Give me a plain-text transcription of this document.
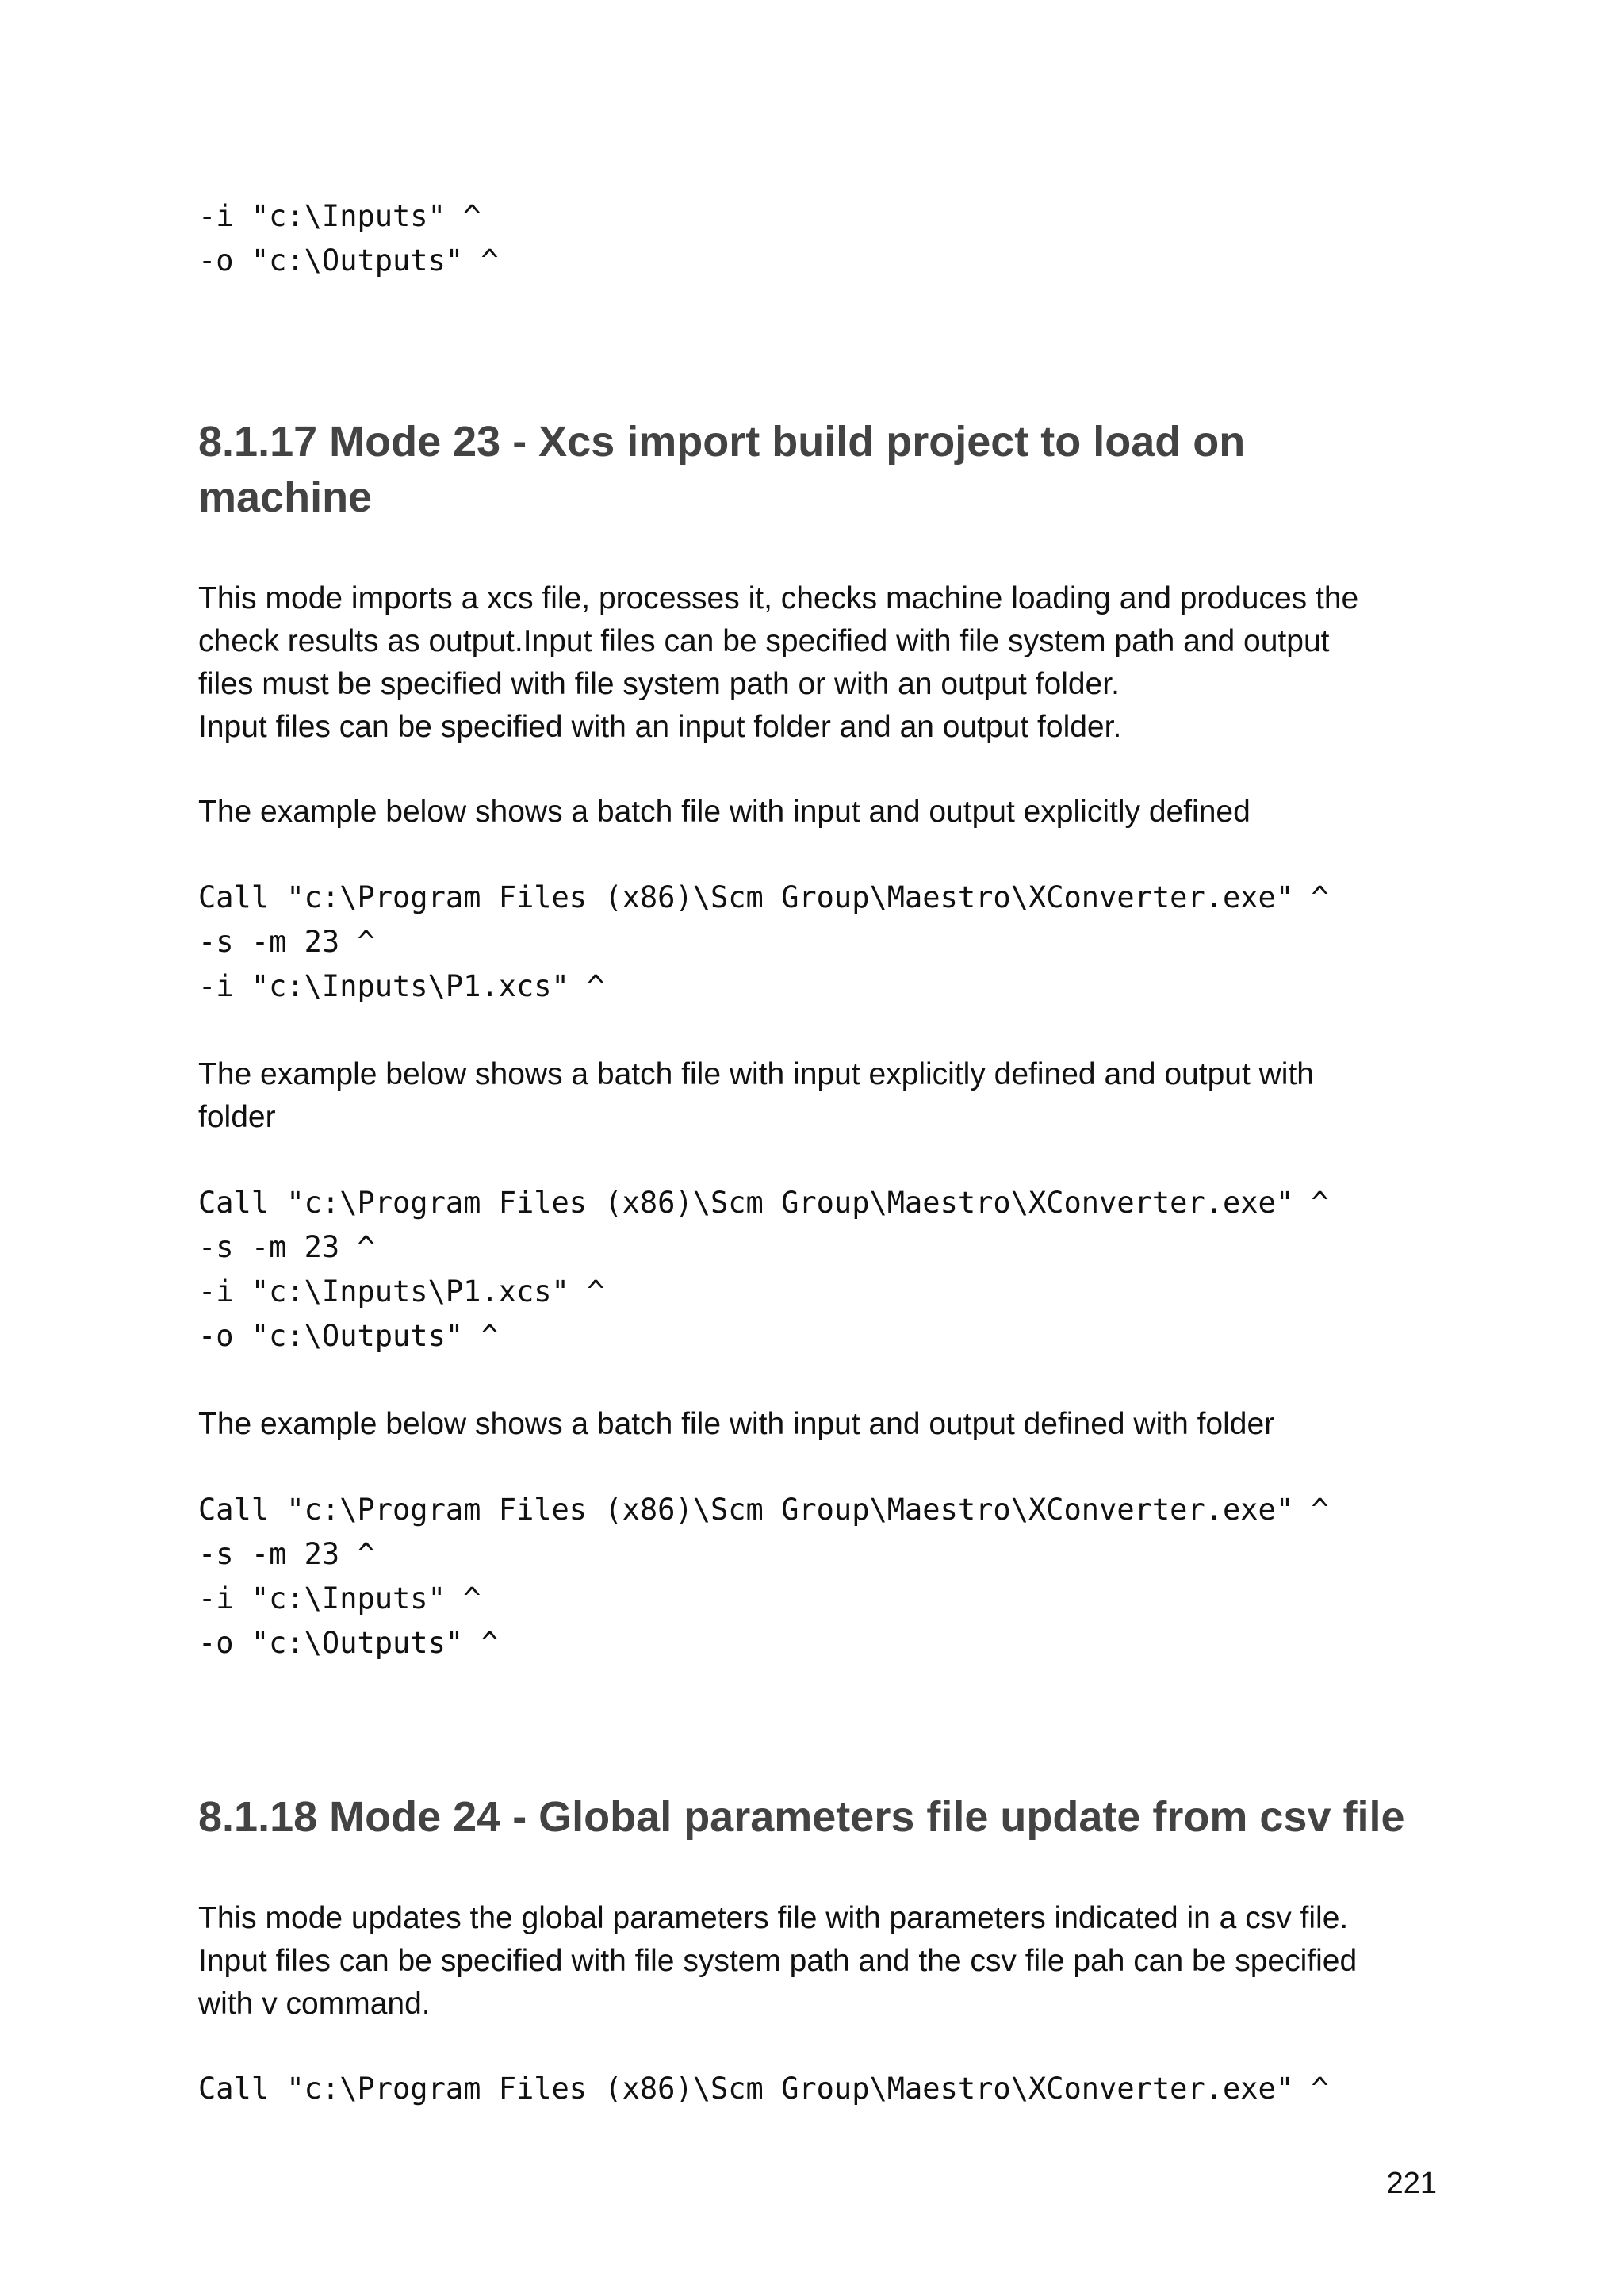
-i "c:\Inputs" ^
-o "c:\Outputs" ^
8.1.17 Mode 23 - Xcs import build project to load on
machine

This mode imports a xcs file, processes it, checks machine loading and produces the
check results as output.Input files can be specified with file system path and output
files must be specified with file system path or with an output folder.
Input files can be specified with an input folder and an output folder.

The example below shows a batch file with input and output explicitly defined

Call "c:\Program Files (x86)\Scm Group\Maestro\XConverter.exe" ^
-s -m 23 ^
-i "c:\Inputs\P1.xcs" ^

The example below shows a batch file with input explicitly defined and output with
folder

Call "c:\Program Files (x86)\Scm Group\Maestro\XConverter.exe" ^
-s -m 23 ^
-i "c:\Inputs\P1.xcs" ^
-o "c:\Outputs" ^

The example below shows a batch file with input and output defined with folder

Call "c:\Program Files (x86)\Scm Group\Maestro\XConverter.exe" ^
-s -m 23 ^
-i "c:\Inputs" ^
-o "c:\Outputs" ^
8.1.18 Mode 24 - Global parameters file update from csv file

This mode updates the global parameters file with parameters indicated in a csv file.
Input files can be specified with file system path and the csv file pah can be specified
with v command.

Call "c:\Program Files (x86)\Scm Group\Maestro\XConverter.exe" ^
221
